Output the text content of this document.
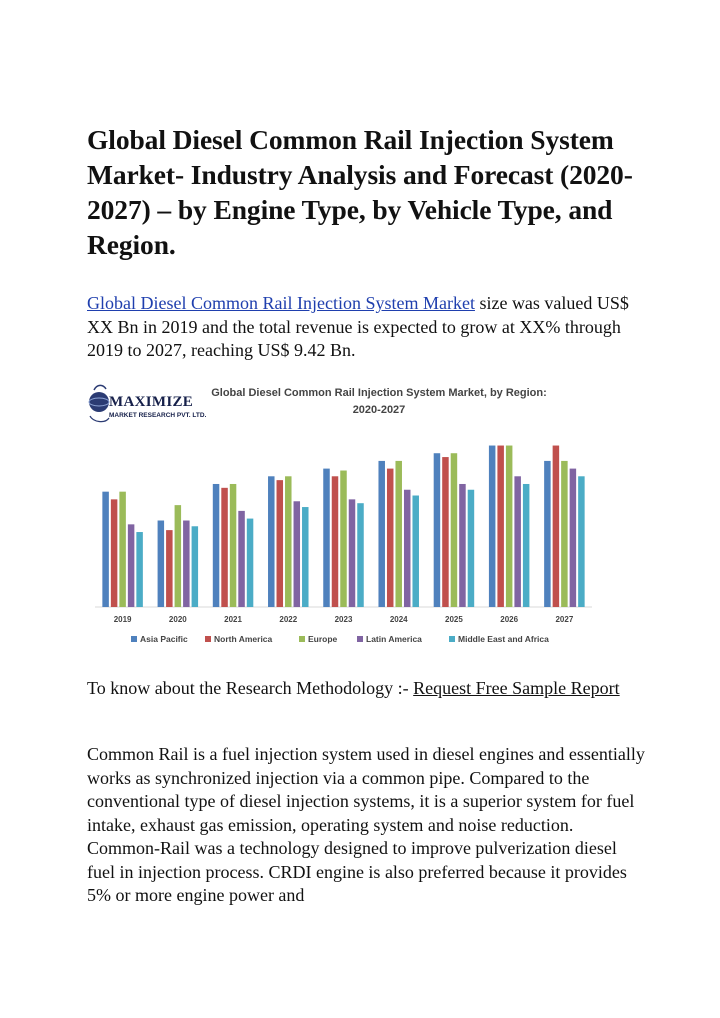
Global Diesel Common Rail Injection System Market- Industry Analysis and Forecast (2020-2027) – by Engine Type, by Vehicle Type, and Region.

Global Diesel Common Rail Injection System Market size was valued US$ XX Bn in 2019 and the total revenue is expected to grow at XX% through 2019 to 2027, reaching US$ 9.42 Bn.

2019	2020	2021	2022	2023	2024	2025	2026	2027
Asia Pacific	North America	Europe	Latin America	Middle East and Africa
MAXIMIZE
MARKET RESEARCH PVT. LTD.
Global Diesel Common Rail Injection System Market, by Region:
2020-2027

To know about the Research Methodology :- Request Free Sample Report

Common Rail is a fuel injection system used in diesel engines and essentially works as synchronized injection via a common pipe. Compared to the conventional type of diesel injection systems, it is a superior system for fuel intake, exhaust gas emission, operating system and noise reduction. Common-Rail was a technology designed to improve pulverization diesel fuel in injection process. CRDI engine is also preferred because it provides 5% or more engine power and
